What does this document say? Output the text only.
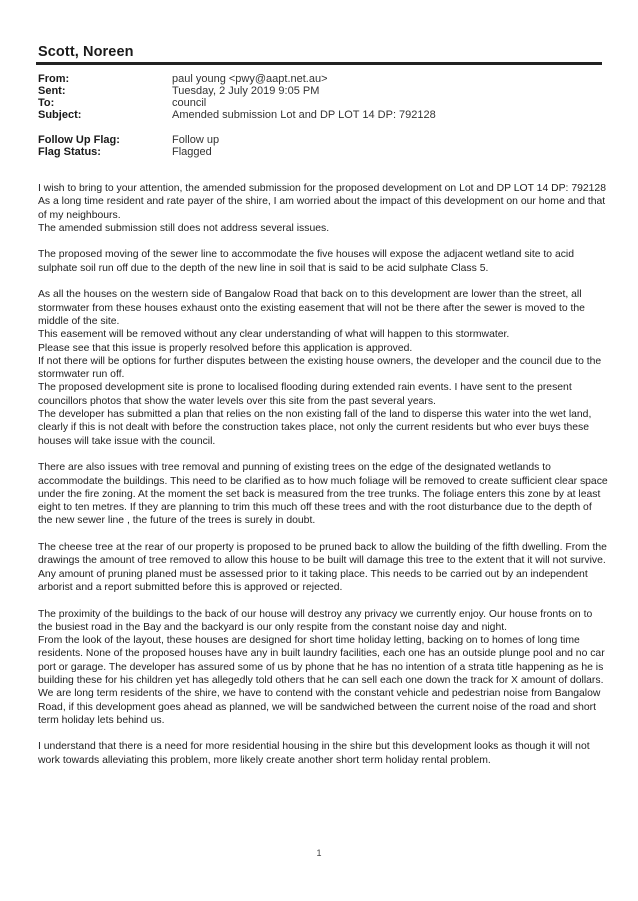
Scott, Noreen
From:	paul young <pwy@aapt.net.au>
Sent:	Tuesday, 2 July 2019 9:05 PM
To:	council
Subject:	Amended submission Lot and DP LOT 14 DP: 792128
Follow Up Flag:	Follow up
Flag Status:	Flagged

I wish to bring to your attention, the amended submission for the proposed development on Lot and DP LOT 14 DP: 792128 As a long time resident and rate payer of the shire, I am worried about the impact of this development on our home and that of my neighbours.

The amended submission still does not address several issues.

The proposed moving of the sewer line to accommodate the five houses will expose the adjacent wetland site to acid sulphate soil run off due to the depth of the new line in soil that is said to be acid sulphate Class 5.

As all the houses on the western side of Bangalow Road that back on to this development are lower than the street, all stormwater from these houses exhaust onto the existing easement that will not be there after the sewer is moved to the middle of the site.

This easement will be removed without any clear understanding of what will happen to this stormwater.

Please see that this issue is properly resolved before this application is approved.

If not there will be options for further disputes between the existing house owners, the developer and the council due to the stormwater run off.

The proposed development site is prone to localised flooding during extended rain events. I have sent to the present councillors photos that show the water levels over this site from the past several years.

The developer has submitted a plan that relies on the non existing fall of the land to disperse this water into the wet land, clearly if this is not dealt with before the construction takes place, not only the current residents but who ever buys these houses will take issue with the council.

There are also issues with tree removal and punning of existing trees on the edge of the designated wetlands to accommodate the buildings. This need to be clarified as to how much foliage will be removed to create sufficient clear space under the fire zoning. At the moment the set back is measured from the tree trunks. The foliage enters this zone by at least eight to ten metres. If they are planning to trim this much off these trees and with the root disturbance due to the depth of the new sewer line , the future of the trees is surely in doubt.

The cheese tree at the rear of our property is proposed to be pruned back to allow the building of the fifth dwelling. From the drawings the amount of tree removed to allow this house to be built will damage this tree to the extent that it will not survive. Any amount of pruning planed must be assessed prior to it taking place. This needs to be carried out by an independent arborist and a report submitted before this is approved or rejected.

The proximity of the buildings to the back of our house will destroy any privacy we currently enjoy. Our house fronts on to the busiest road in the Bay and the backyard is our only respite from the constant noise day and night.

From the look of the layout, these houses are designed for short time holiday letting, backing on to homes of long time residents. None of the proposed houses have any in built laundry facilities, each one has an outside plunge pool and no car port or garage. The developer has assured some of us by phone that he has no intention of a strata title happening as he is building these for his children yet has allegedly told others that he can sell each one down the track for X amount of dollars.

We are long term residents of the shire, we have to contend with the constant vehicle and pedestrian noise from Bangalow Road, if this development goes ahead as planned, we will be sandwiched between the current noise of the road and short term holiday lets behind us.

I understand that there is a need for more residential housing in the shire but this development looks as though it will not work towards alleviating this problem, more likely create another short term holiday rental problem.

1
